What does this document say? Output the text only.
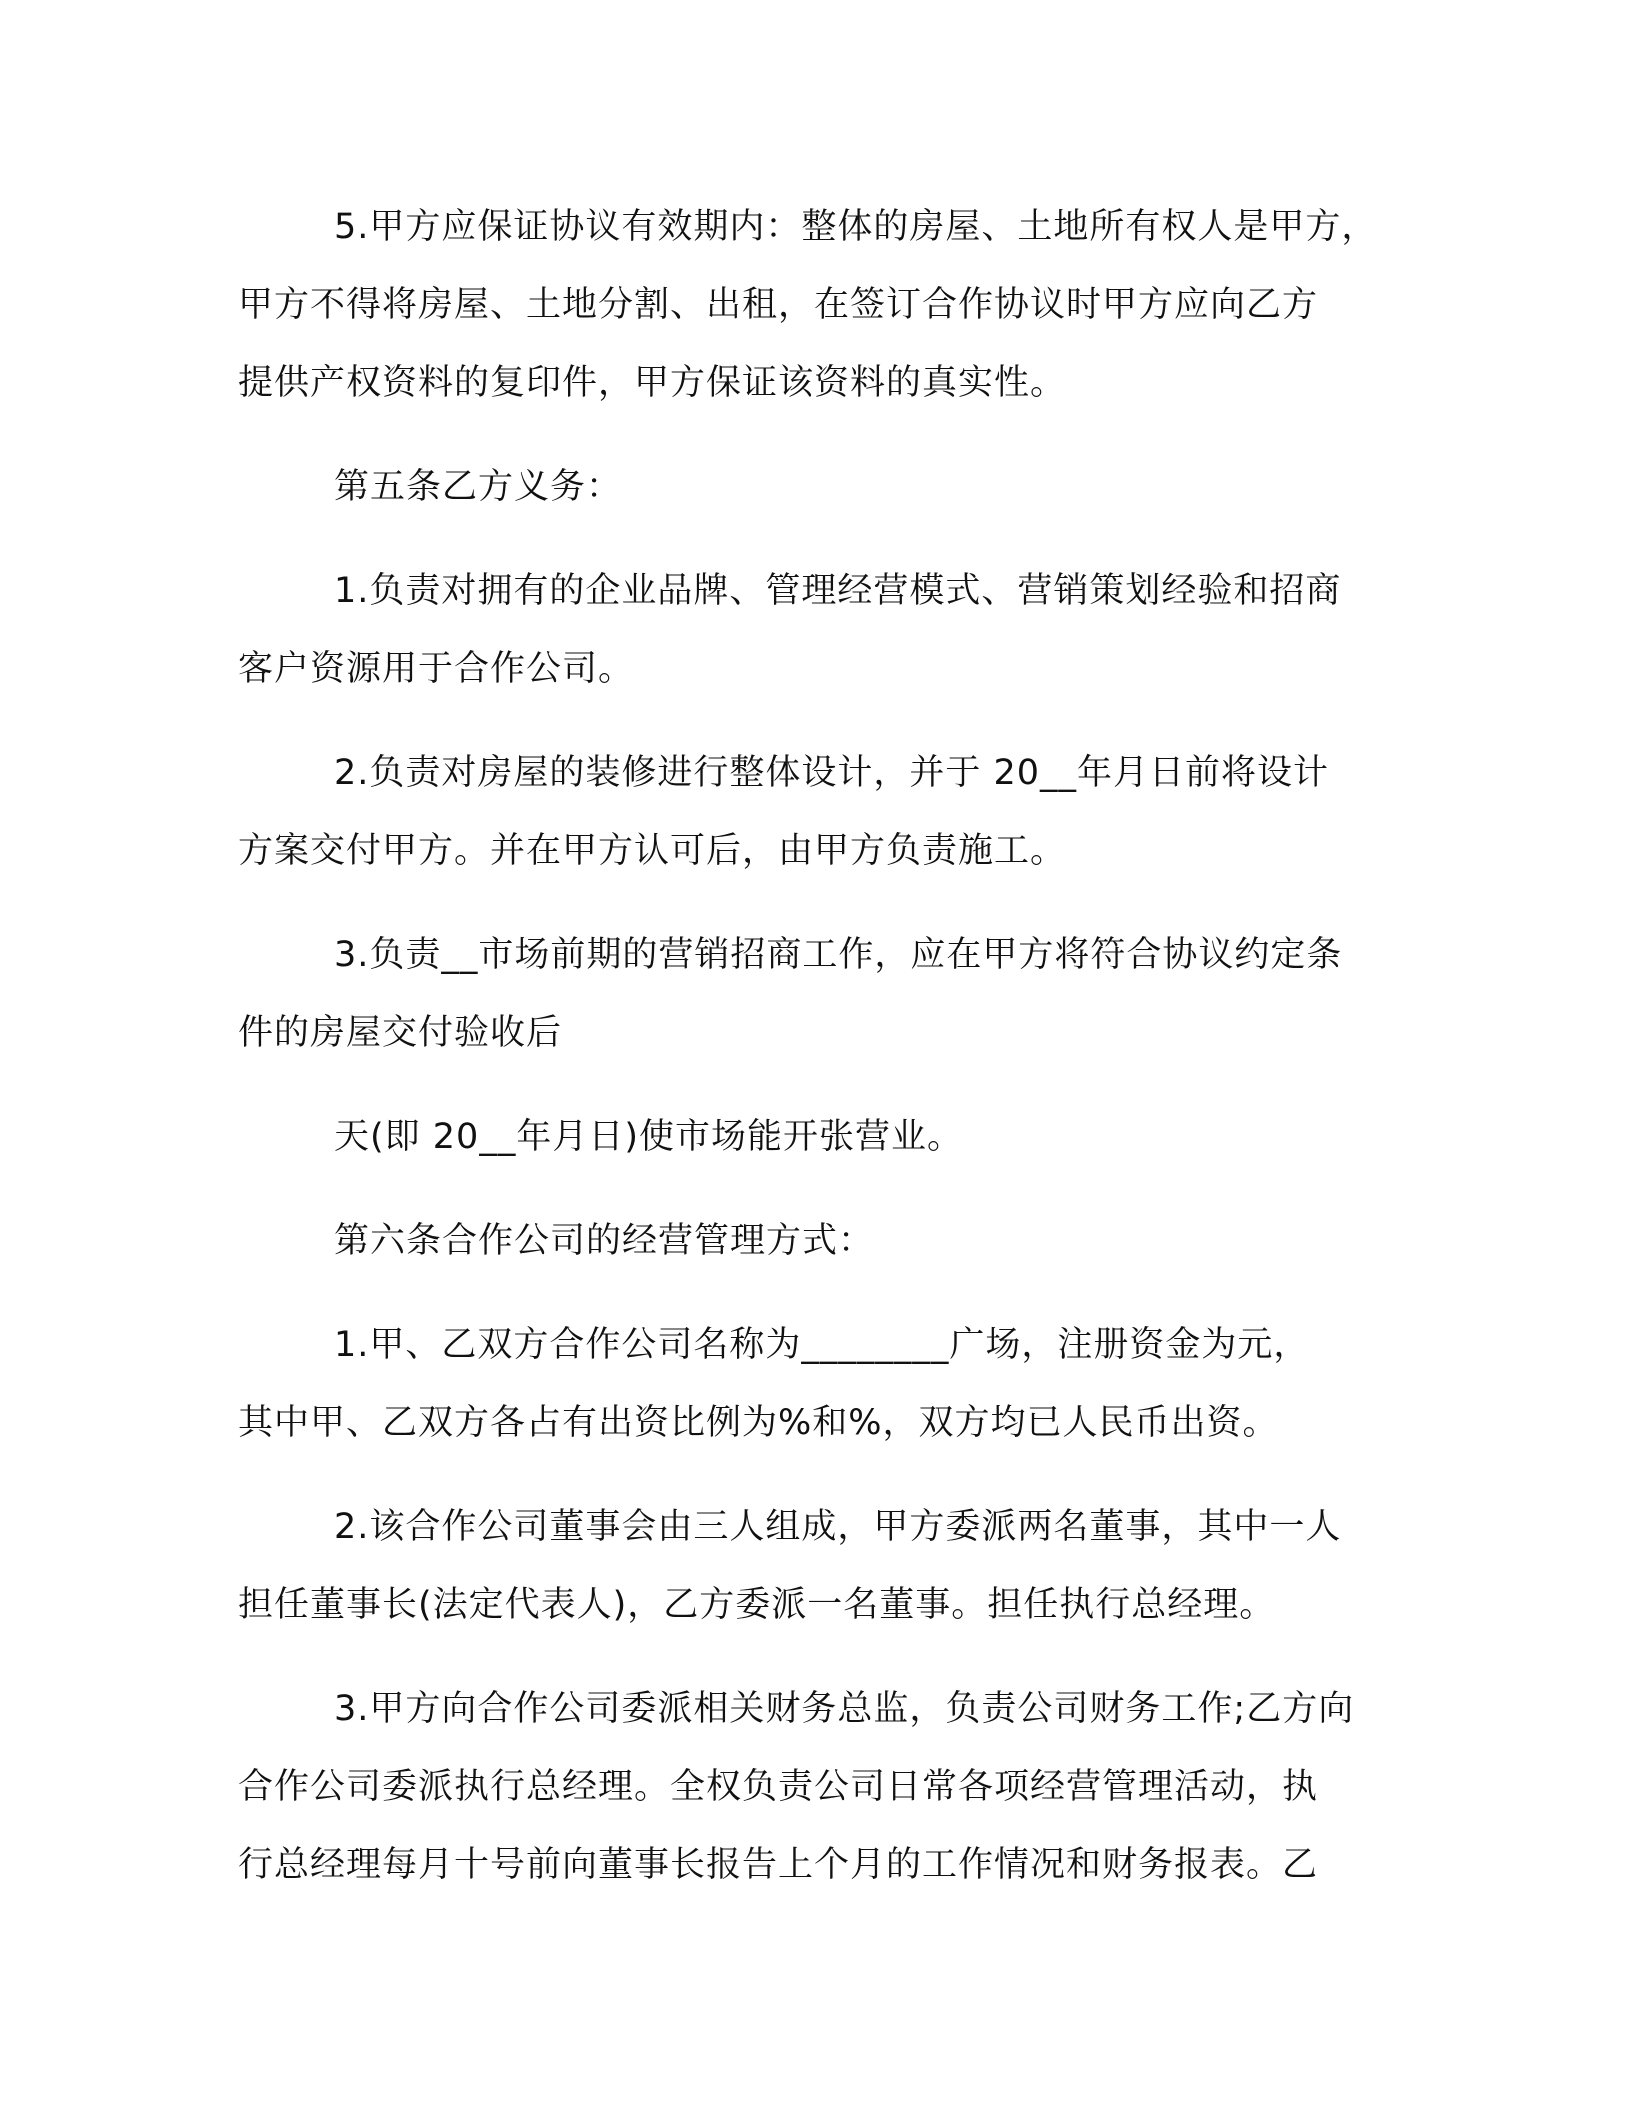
5.甲方应保证协议有效期内：整体的房屋、土地所有权人是甲方，
甲方不得将房屋、土地分割、出租，在签订合作协议时甲方应向乙方
提供产权资料的复印件，甲方保证该资料的真实性。

第五条乙方义务：

1.负责对拥有的企业品牌、管理经营模式、营销策划经验和招商
客户资源用于合作公司。

2.负责对房屋的装修进行整体设计，并于 20__年月日前将设计
方案交付甲方。并在甲方认可后，由甲方负责施工。

3.负责__市场前期的营销招商工作，应在甲方将符合协议约定条
件的房屋交付验收后

天(即 20__年月日)使市场能开张营业。

第六条合作公司的经营管理方式：

1.甲、乙双方合作公司名称为________广场，注册资金为元，
其中甲、乙双方各占有出资比例为%和%，双方均已人民币出资。

2.该合作公司董事会由三人组成，甲方委派两名董事，其中一人
担任董事长(法定代表人)，乙方委派一名董事。担任执行总经理。

3.甲方向合作公司委派相关财务总监，负责公司财务工作;乙方向
合作公司委派执行总经理。全权负责公司日常各项经营管理活动，执
行总经理每月十号前向董事长报告上个月的工作情况和财务报表。乙
